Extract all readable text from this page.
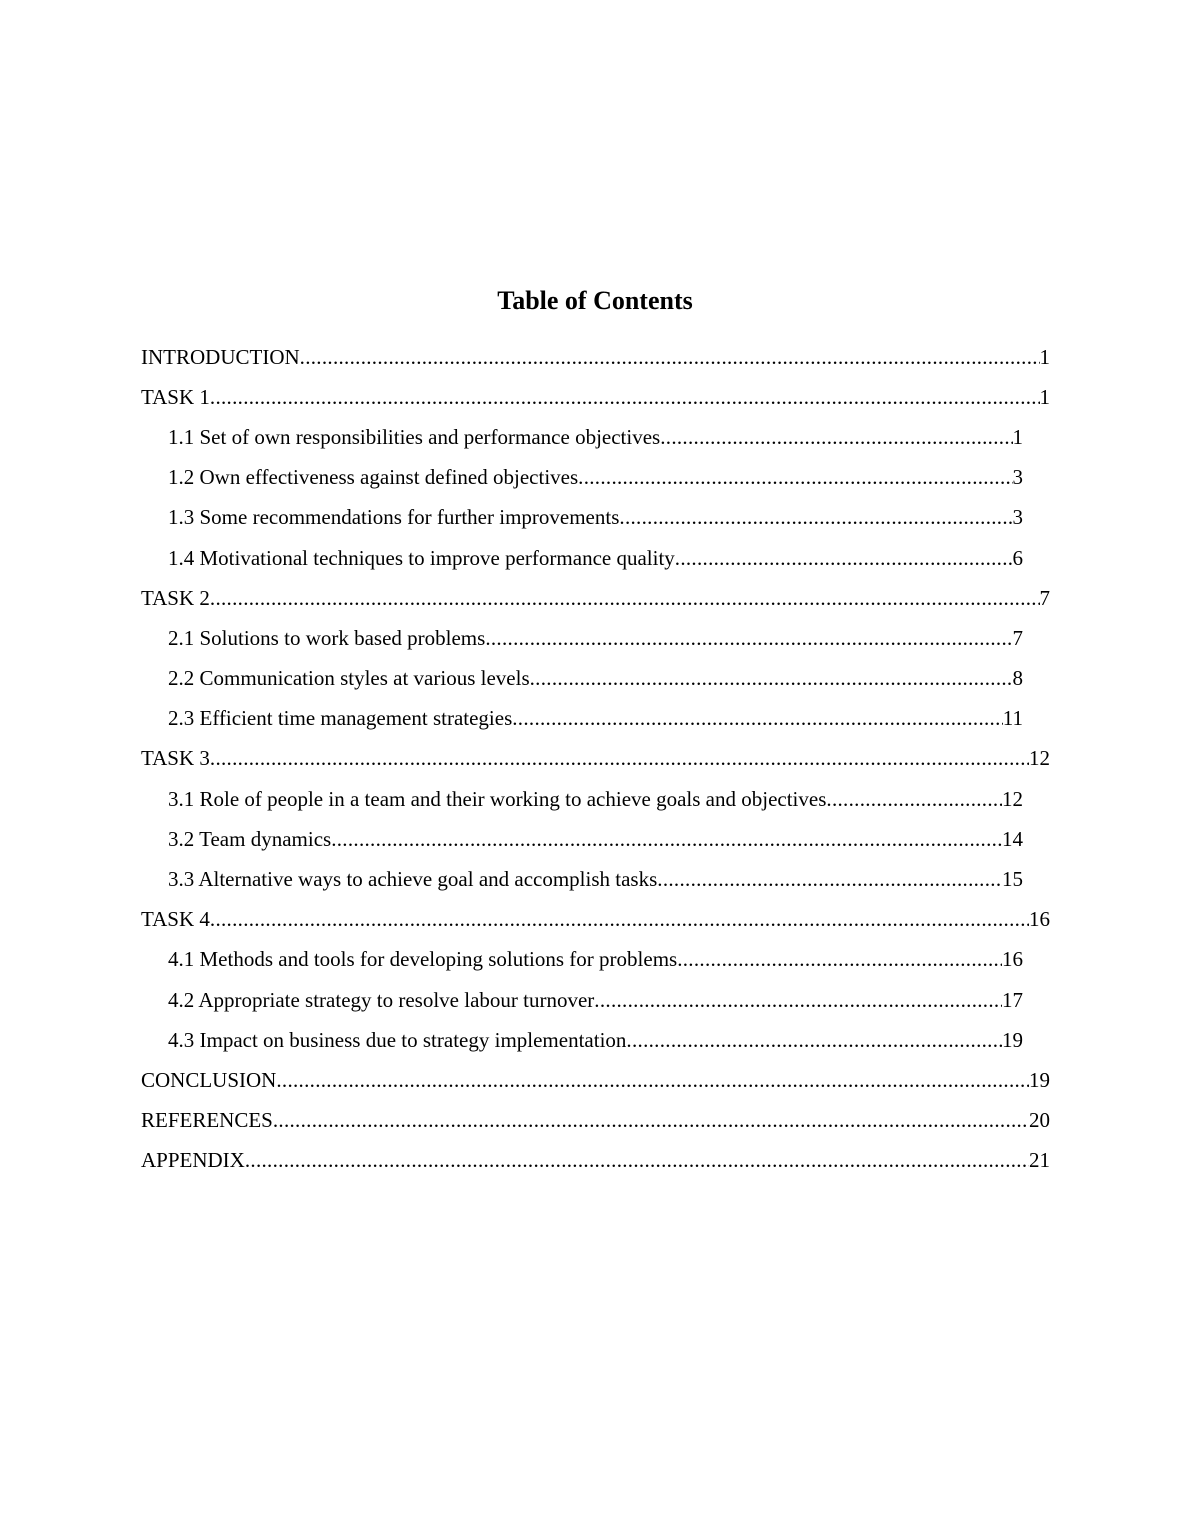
Table of Contents
INTRODUCTION .....	1
TASK 1 .....	1
1.1 Set of own responsibilities and performance objectives .....	1
1.2 Own effectiveness against defined objectives .....	3
1.3 Some recommendations for further improvements .....	3
1.4 Motivational techniques to improve performance quality .....	6
TASK 2 .....	7
2.1 Solutions to work based problems .....	7
2.2 Communication styles at various levels .....	8
2.3 Efficient time management strategies .....	11
TASK 3 .....	12
3.1 Role of people in a team and their working to achieve goals and objectives .....	12
3.2 Team dynamics .....	14
3.3 Alternative ways to achieve goal and accomplish tasks .....	15
TASK 4 .....	16
4.1 Methods and tools for developing solutions for problems .....	16
4.2 Appropriate strategy to resolve labour turnover .....	17
4.3 Impact on business due to strategy implementation .....	19
CONCLUSION .....	19
REFERENCES .....	20
APPENDIX .....	21
